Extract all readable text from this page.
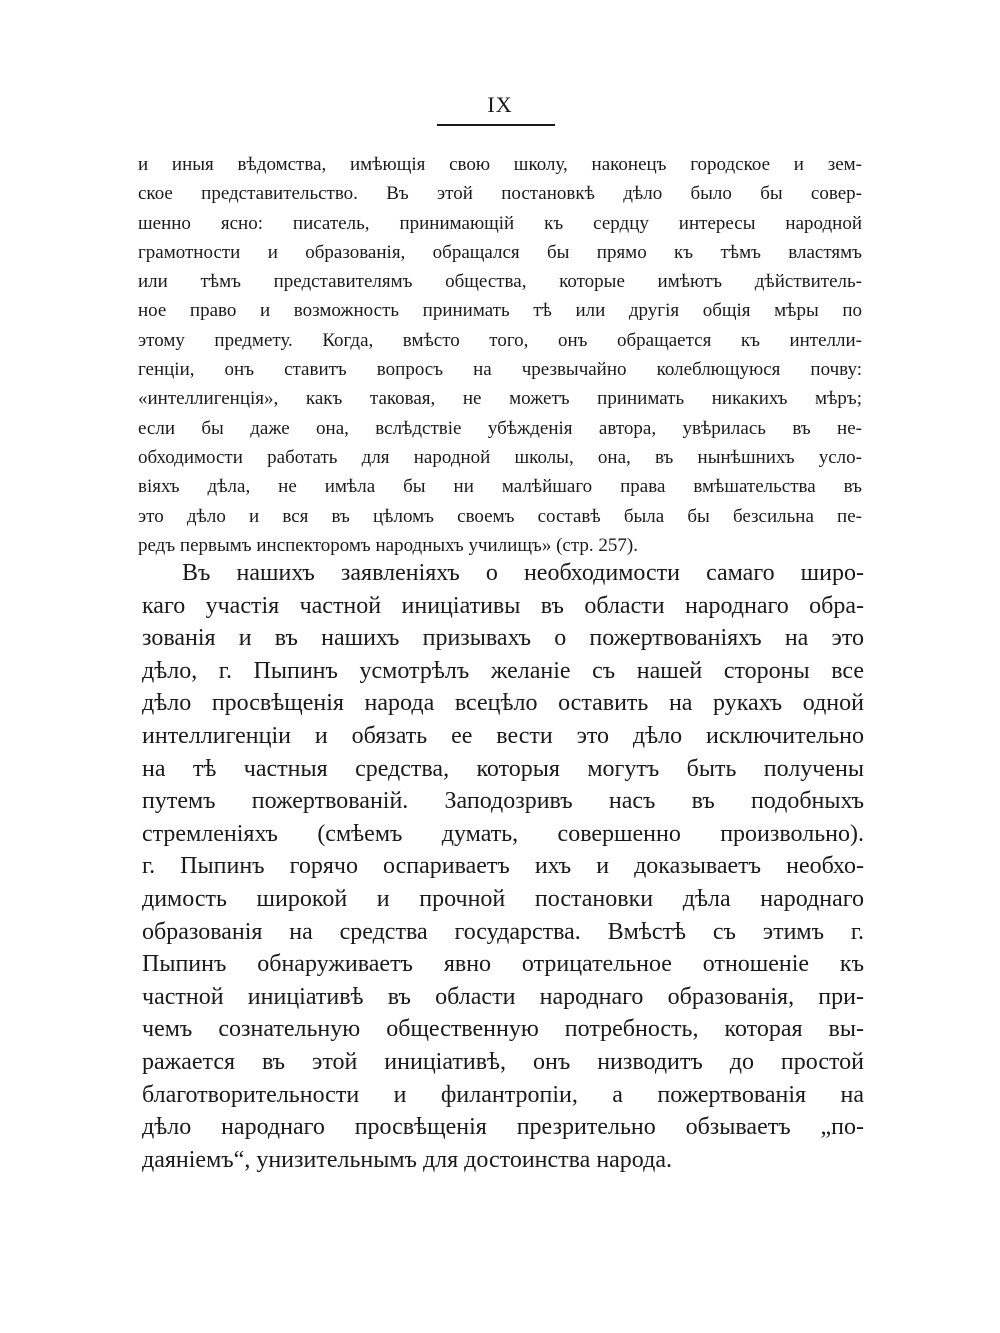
IX
и иныя вѣдомства, имѣющія свою школу, наконецъ городское и зем-
ское представительство. Въ этой постановкѣ дѣло было бы совер-
шенно ясно: писатель, принимающій къ сердцу интересы народной
грамотности и образованія, обращался бы прямо къ тѣмъ властямъ
или тѣмъ представителямъ общества, которые имѣютъ дѣйствитель-
ное право и возможность принимать тѣ или другія общія мѣры по
этому предмету. Когда, вмѣсто того, онъ обращается къ интелли-
генціи, онъ ставитъ вопросъ на чрезвычайно колеблющуюся почву:
«интеллигенція», какъ таковая, не можетъ принимать никакихъ мѣръ;
если бы даже она, вслѣдствіе убѣжденія автора, увѣрилась въ не-
обходимости работать для народной школы, она, въ нынѣшнихъ усло-
віяхъ дѣла, не имѣла бы ни малѣйшаго права вмѣшательства въ
это дѣло и вся въ цѣломъ своемъ составѣ была бы безсильна пе-
редъ первымъ инспекторомъ народныхъ училищъ» (стр. 257).
Въ нашихъ заявленіяхъ о необходимости самаго широ-
каго участія частной иниціативы въ области народнаго обра-
зованія и въ нашихъ призывахъ о пожертвованіяхъ на это
дѣло, г. Пыпинъ усмотрѣлъ желаніе съ нашей стороны все
дѣло просвѣщенія народа всецѣло оставить на рукахъ одной
интеллигенціи и обязать ее вести это дѣло исключительно
на тѣ частныя средства, которыя могутъ быть получены
путемъ пожертвованій. Заподозривъ насъ въ подобныхъ
стремленіяхъ (смѣемъ думать, совершенно произвольно).
г. Пыпинъ горячо оспариваетъ ихъ и доказываетъ необхо-
димость широкой и прочной постановки дѣла народнаго
образованія на средства государства. Вмѣстѣ съ этимъ г.
Пыпинъ обнаруживаетъ явно отрицательное отношеніе къ
частной иниціативѣ въ области народнаго образованія, при-
чемъ сознательную общественную потребность, которая вы-
ражается въ этой иниціативѣ, онъ низводитъ до простой
благотворительности и филантропіи, а пожертвованія на
дѣло народнаго просвѣщенія презрительно обзываетъ „по-
даяніемъ“, унизительнымъ для достоинства народа.
